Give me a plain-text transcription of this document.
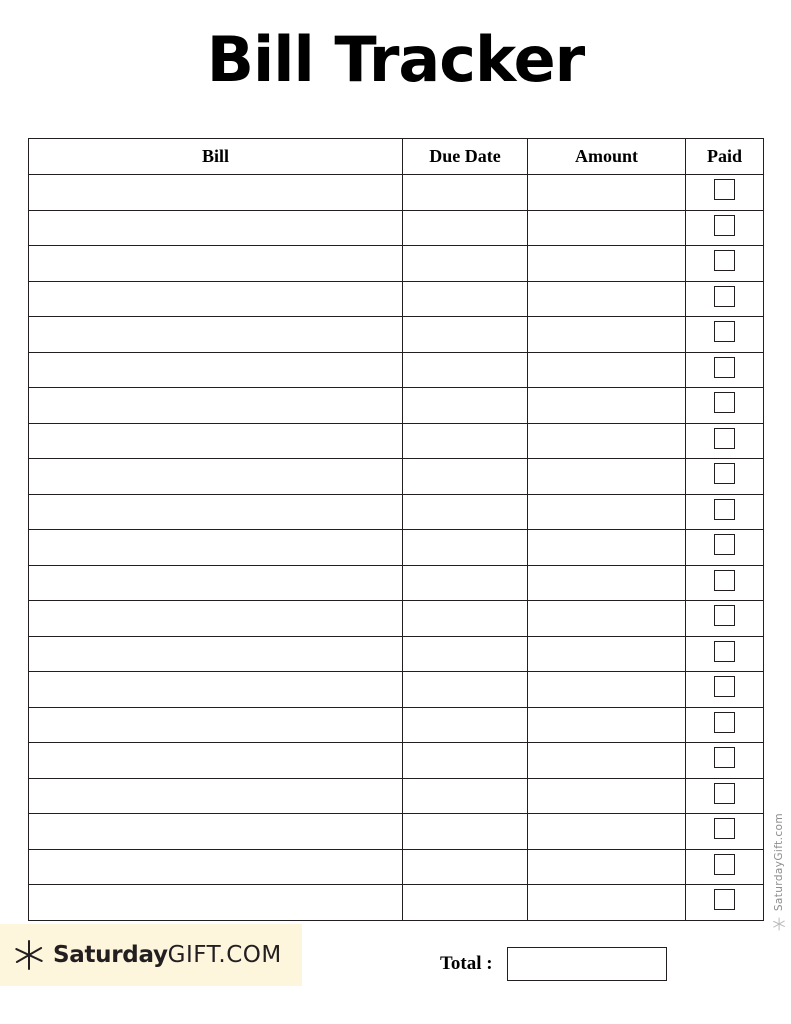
Bill Tracker
Bill	Due Date	Amount	Paid

SaturdayGIFT.COM	Total :
SaturdayGift.com
